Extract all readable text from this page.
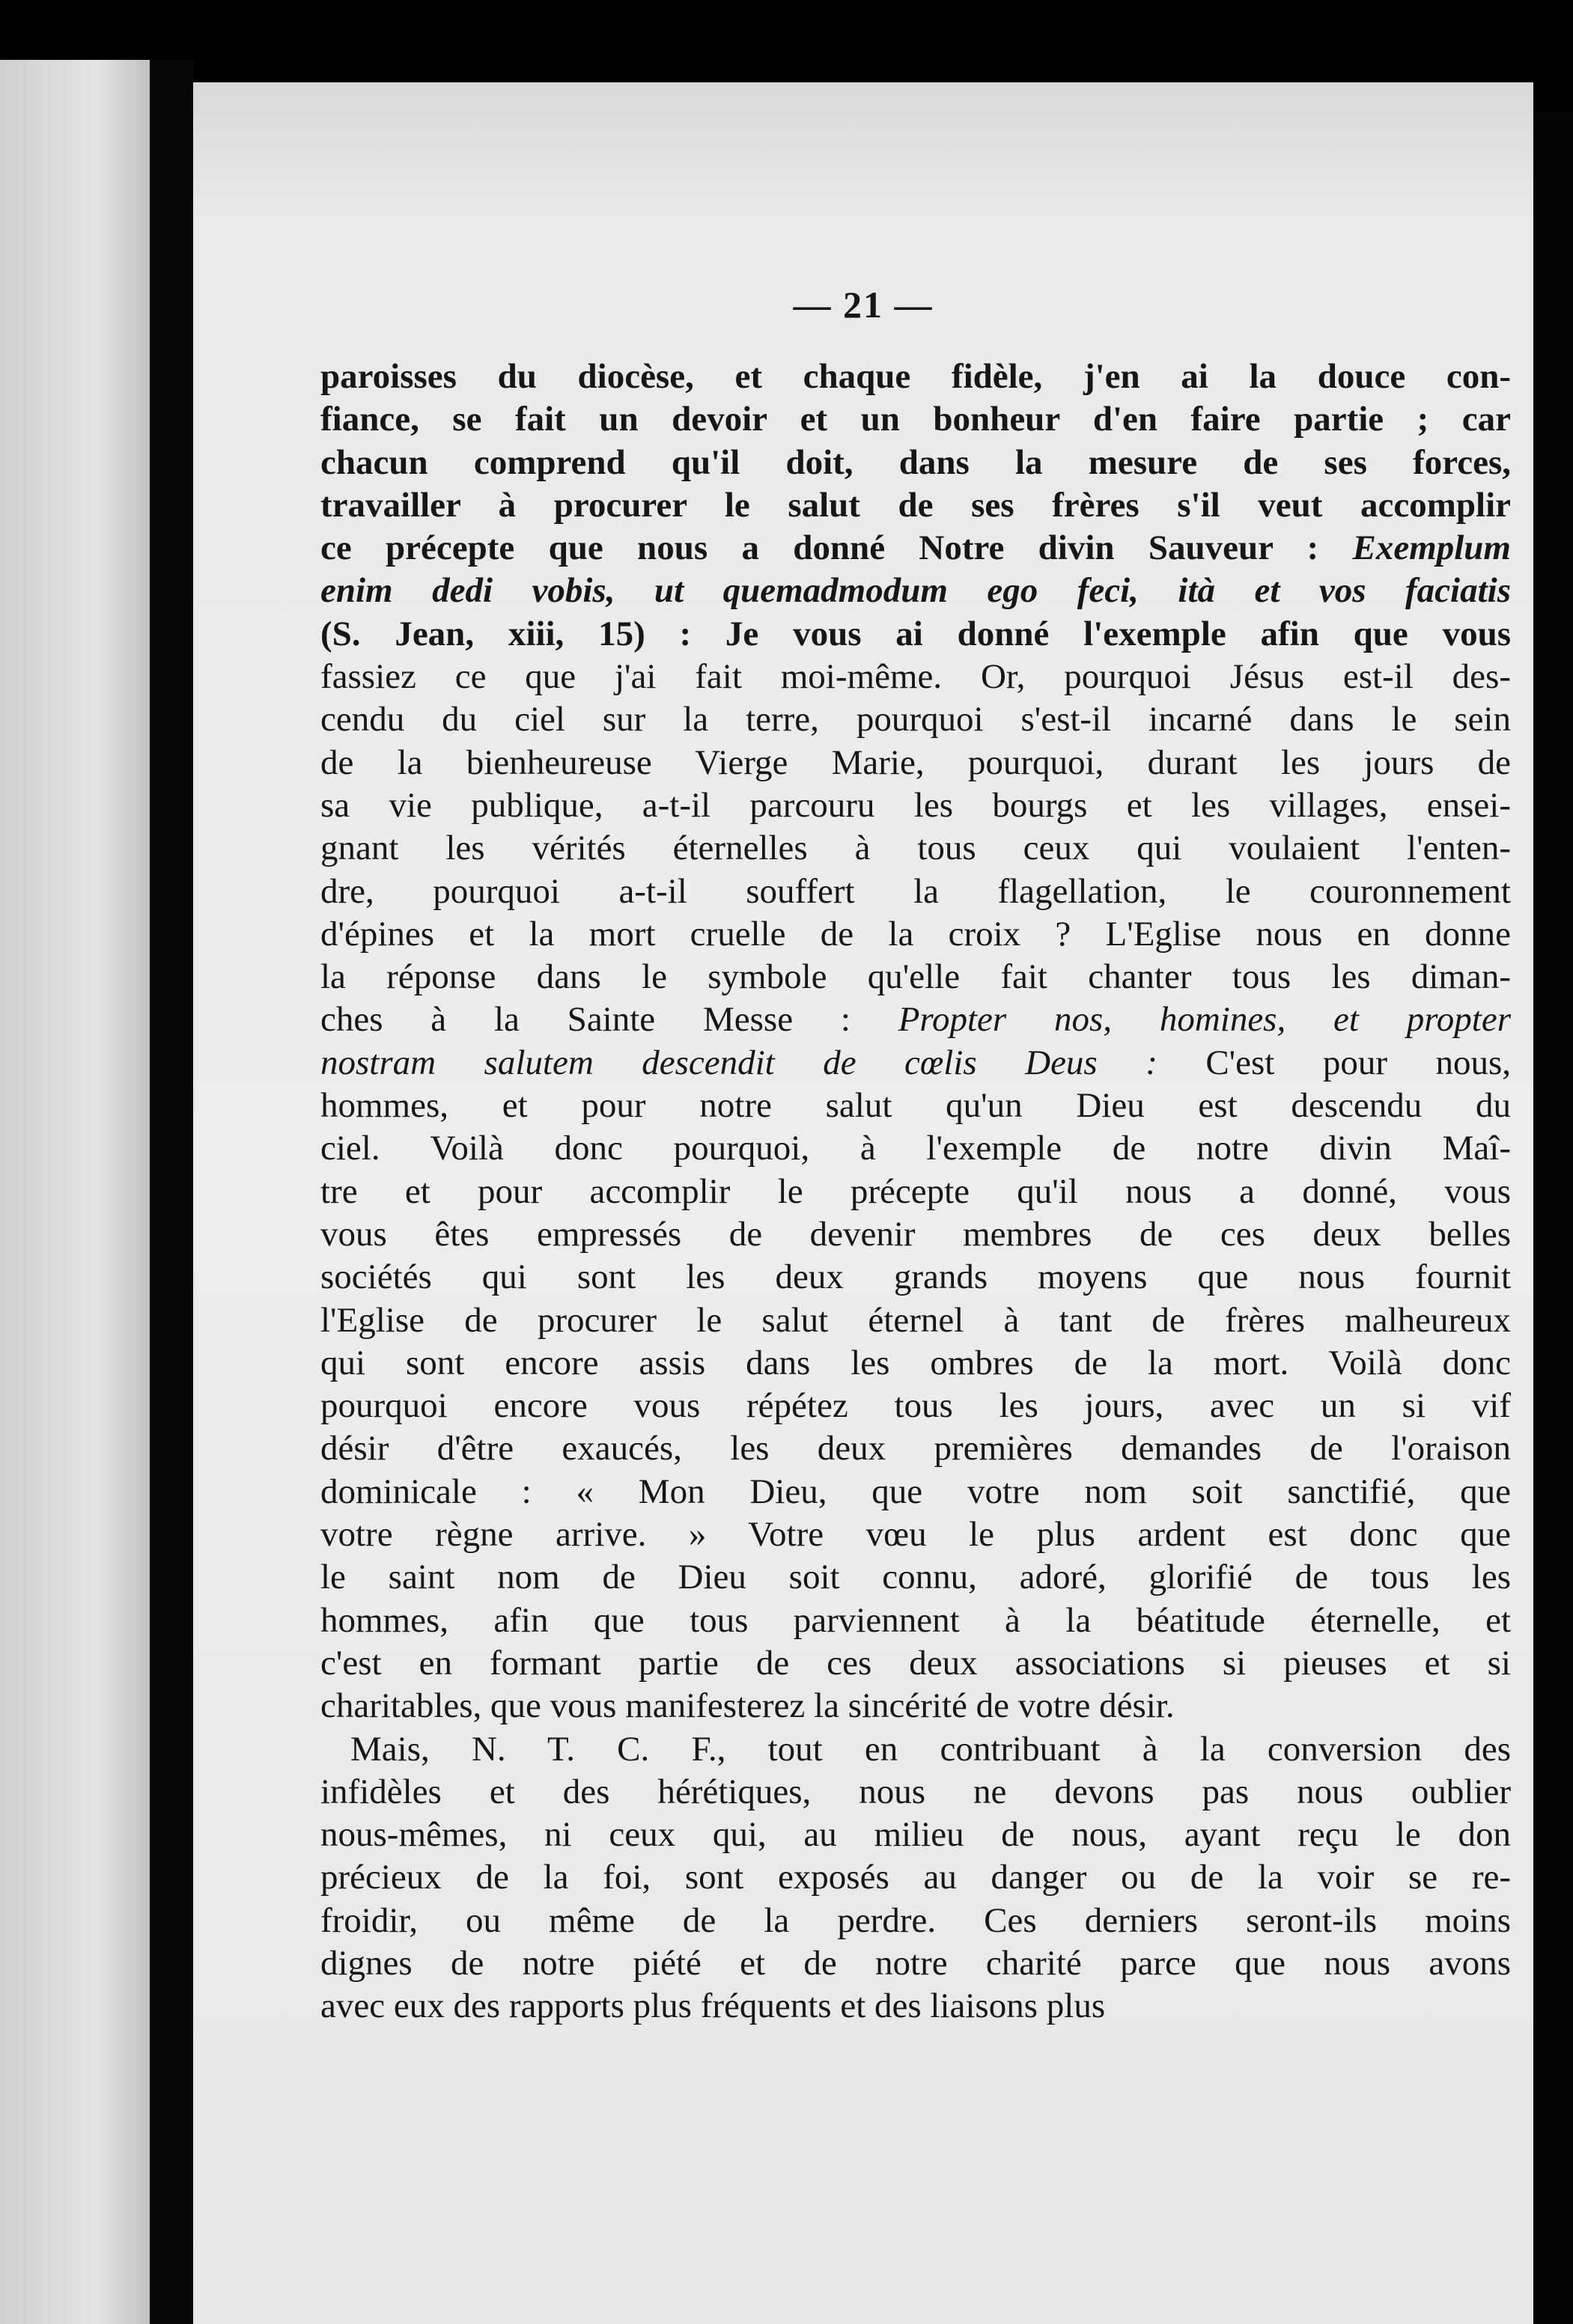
— 21 —
paroisses du diocèse, et chaque fidèle, j'en ai la douce con-
fiance, se fait un devoir et un bonheur d'en faire partie ; car
chacun comprend qu'il doit, dans la mesure de ses forces,
travailler à procurer le salut de ses frères s'il veut accomplir
ce précepte que nous a donné Notre divin Sauveur : Exemplum
enim dedi vobis, ut quemadmodum ego feci, ità et vos faciatis
(S. Jean, xiii, 15) : Je vous ai donné l'exemple afin que vous
fassiez ce que j'ai fait moi-même. Or, pourquoi Jésus est-il des-
cendu du ciel sur la terre, pourquoi s'est-il incarné dans le sein
de la bienheureuse Vierge Marie, pourquoi, durant les jours de
sa vie publique, a-t-il parcouru les bourgs et les villages, ensei-
gnant les vérités éternelles à tous ceux qui voulaient l'enten-
dre, pourquoi a-t-il souffert la flagellation, le couronnement
d'épines et la mort cruelle de la croix ? L'Eglise nous en donne
la réponse dans le symbole qu'elle fait chanter tous les diman-
ches à la Sainte Messe : Propter nos, homines, et propter
nostram salutem descendit de cœlis Deus : C'est pour nous,
hommes, et pour notre salut qu'un Dieu est descendu du
ciel. Voilà donc pourquoi, à l'exemple de notre divin Maî-
tre et pour accomplir le précepte qu'il nous a donné, vous
vous êtes empressés de devenir membres de ces deux belles
sociétés qui sont les deux grands moyens que nous fournit
l'Eglise de procurer le salut éternel à tant de frères malheureux
qui sont encore assis dans les ombres de la mort. Voilà donc
pourquoi encore vous répétez tous les jours, avec un si vif
désir d'être exaucés, les deux premières demandes de l'oraison
dominicale : « Mon Dieu, que votre nom soit sanctifié, que
votre règne arrive. » Votre vœu le plus ardent est donc que
le saint nom de Dieu soit connu, adoré, glorifié de tous les
hommes, afin que tous parviennent à la béatitude éternelle, et
c'est en formant partie de ces deux associations si pieuses et si
charitables, que vous manifesterez la sincérité de votre désir.
Mais, N. T. C. F., tout en contribuant à la conversion des
infidèles et des hérétiques, nous ne devons pas nous oublier
nous-mêmes, ni ceux qui, au milieu de nous, ayant reçu le don
précieux de la foi, sont exposés au danger ou de la voir se re-
froidir, ou même de la perdre. Ces derniers seront-ils moins
dignes de notre piété et de notre charité parce que nous avons
avec eux des rapports plus fréquents et des liaisons plus
